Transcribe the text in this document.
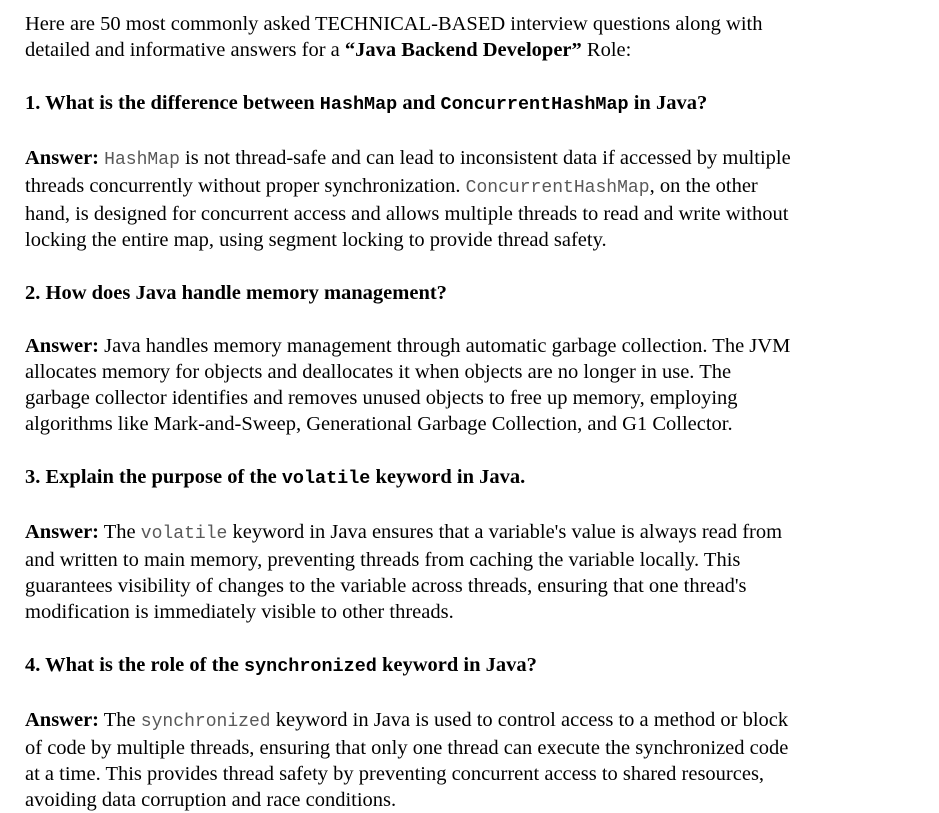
Here are 50 most commonly asked TECHNICAL-BASED interview questions along with
detailed and informative answers for a “Java Backend Developer” Role:
1. What is the difference between HashMap and ConcurrentHashMap in Java?
Answer: HashMap is not thread-safe and can lead to inconsistent data if accessed by multiple
threads concurrently without proper synchronization. ConcurrentHashMap, on the other
hand, is designed for concurrent access and allows multiple threads to read and write without
locking the entire map, using segment locking to provide thread safety.
2. How does Java handle memory management?
Answer: Java handles memory management through automatic garbage collection. The JVM
allocates memory for objects and deallocates it when objects are no longer in use. The
garbage collector identifies and removes unused objects to free up memory, employing
algorithms like Mark-and-Sweep, Generational Garbage Collection, and G1 Collector.
3. Explain the purpose of the volatile keyword in Java.
Answer: The volatile keyword in Java ensures that a variable's value is always read from
and written to main memory, preventing threads from caching the variable locally. This
guarantees visibility of changes to the variable across threads, ensuring that one thread's
modification is immediately visible to other threads.
4. What is the role of the synchronized keyword in Java?
Answer: The synchronized keyword in Java is used to control access to a method or block
of code by multiple threads, ensuring that only one thread can execute the synchronized code
at a time. This provides thread safety by preventing concurrent access to shared resources,
avoiding data corruption and race conditions.
